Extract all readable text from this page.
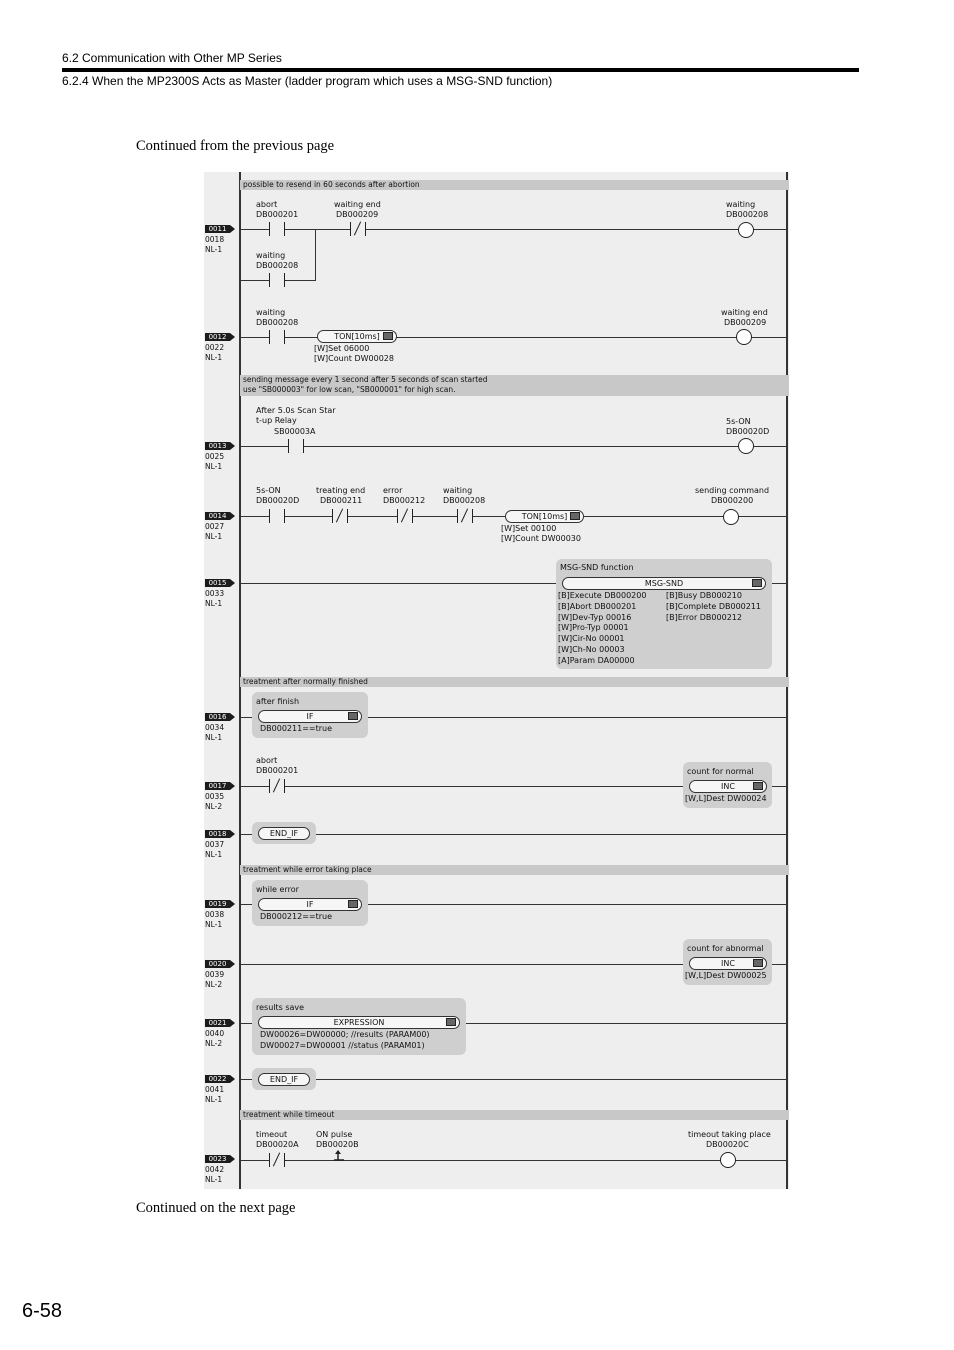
6.2 Communication with Other MP Series
6.2.4 When the MP2300S Acts as Master (ladder program which uses a MSG-SND function)
Continued from the previous page
possible to resend in 60 seconds after abortion
0011
0018
NL-1
abort
DB000201
waiting end
DB000209
waiting
DB000208
waiting
DB000208
0012
0022
NL-1
waiting
DB000208
TON[10ms]
[W]Set 06000
[W]Count DW00028
waiting end
DB000209
sending message every 1 second after 5 seconds of scan started
use "SB000003" for low scan, "SB000001" for high scan.
0013
0025
NL-1
After 5.0s Scan Star
t-up Relay
SB00003A
5s-ON
DB00020D
0014
0027
NL-1
5s-ON
DB00020D
treating end
DB000211
error
DB000212
waiting
DB000208
TON[10ms]
[W]Set 00100
[W]Count DW00030
sending command
DB000200
0015
0033
NL-1
MSG-SND function
MSG-SND
[B]Execute DB000200
[B]Abort DB000201
[W]Dev-Typ 00016
[W]Pro-Typ 00001
[W]Cir-No 00001
[W]Ch-No 00003
[A]Param DA00000
[B]Busy DB000210
[B]Complete DB000211
[B]Error DB000212
treatment after normally finished
0016
0034
NL-1
after finish
IF
DB000211==true
0017
0035
NL-2
abort
DB000201	count for normal
INC
[W,L]Dest DW00024
0018
0037
NL-1
END_IF
treatment while error taking place
0019
0038
NL-1
while error
IF
DB000212==true
0020
0039
NL-2
count for abnormal
INC
[W,L]Dest DW00025
0021
0040
NL-2
results save
EXPRESSION
DW00026=DW00000; //results (PARAM00)
DW00027=DW00001 //status (PARAM01)
0022
0041
NL-1
END_IF
treatment while timeout
0023
0042
NL-1
timeout
DB00020A
ON pulse
DB00020B
timeout taking place
DB00020C
Continued on the next page
6-58
